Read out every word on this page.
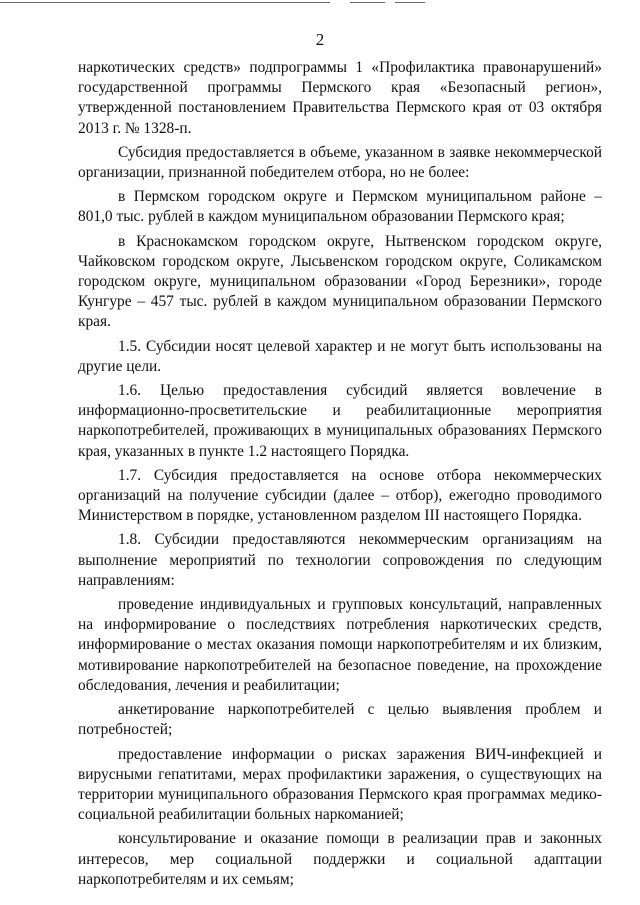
2

наркотических средств» подпрограммы 1 «Профилактика правонарушений» государственной программы Пермского края «Безопасный регион», утвержденной постановлением Правительства Пермского края от 03 октября 2013 г. № 1328-п.

Субсидия предоставляется в объеме, указанном в заявке некоммерческой организации, признанной победителем отбора, но не более:

в Пермском городском округе и Пермском муниципальном районе – 801,0 тыс. рублей в каждом муниципальном образовании Пермского края;

в Краснокамском городском округе, Нытвенском городском округе, Чайковском городском округе, Лысьвенском городском округе, Соликамском городском округе, муниципальном образовании «Город Березники», городе Кунгуре – 457 тыс. рублей в каждом муниципальном образовании Пермского края.

1.5. Субсидии носят целевой характер и не могут быть использованы на другие цели.

1.6. Целью предоставления субсидий является вовлечение в информационно-просветительские и реабилитационные мероприятия наркопотребителей, проживающих в муниципальных образованиях Пермского края, указанных в пункте 1.2 настоящего Порядка.

1.7. Субсидия предоставляется на основе отбора некоммерческих организаций на получение субсидии (далее – отбор), ежегодно проводимого Министерством в порядке, установленном разделом III настоящего Порядка.

1.8. Субсидии предоставляются некоммерческим организациям на выполнение мероприятий по технологии сопровождения по следующим направлениям:

проведение индивидуальных и групповых консультаций, направленных на информирование о последствиях потребления наркотических средств, информирование о местах оказания помощи наркопотребителям и их близким, мотивирование наркопотребителей на безопасное поведение, на прохождение обследования, лечения и реабилитации;

анкетирование наркопотребителей с целью выявления проблем и потребностей;

предоставление информации о рисках заражения ВИЧ-инфекцией и вирусными гепатитами, мерах профилактики заражения, о существующих на территории муниципального образования Пермского края программах медико-социальной реабилитации больных наркоманией;

консультирование и оказание помощи в реализации прав и законных интересов, мер социальной поддержки и социальной адаптации наркопотребителям и их семьям;
